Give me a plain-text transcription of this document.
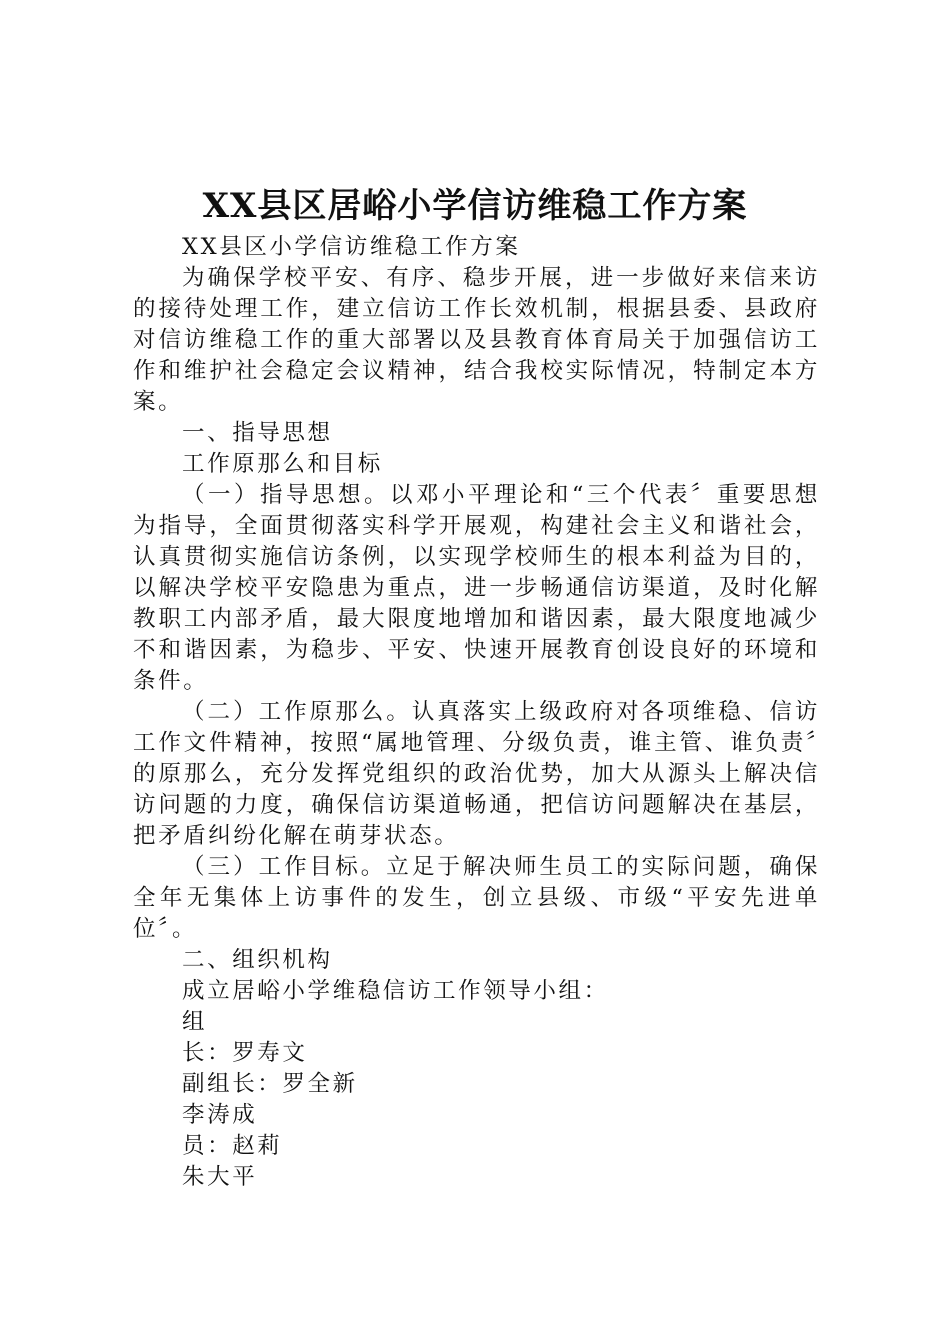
XX县区居峪小学信访维稳工作方案

XX县区小学信访维稳工作方案

为确保学校平安、有序、稳步开展，进一步做好来信来访的接待处理工作，建立信访工作长效机制，根据县委、县政府对信访维稳工作的重大部署以及县教育体育局关于加强信访工作和维护社会稳定会议精神，结合我校实际情况，特制定本方案。

一、指导思想

工作原那么和目标

（一）指导思想。以邓小平理论和“三个代表〞重要思想为指导，全面贯彻落实科学开展观，构建社会主义和谐社会，认真贯彻实施信访条例，以实现学校师生的根本利益为目的，以解决学校平安隐患为重点，进一步畅通信访渠道，及时化解教职工内部矛盾，最大限度地增加和谐因素，最大限度地减少不和谐因素，为稳步、平安、快速开展教育创设良好的环境和条件。

（二）工作原那么。认真落实上级政府对各项维稳、信访工作文件精神，按照“属地管理、分级负责，谁主管、谁负责〞的原那么，充分发挥党组织的政治优势，加大从源头上解决信访问题的力度，确保信访渠道畅通，把信访问题解决在基层，把矛盾纠纷化解在萌芽状态。

（三）工作目标。立足于解决师生员工的实际问题，确保全年无集体上访事件的发生，创立县级、市级“平安先进单位〞。

二、组织机构

成立居峪小学维稳信访工作领导小组：

组

长：罗寿文

副组长：罗全新

李涛成

员：赵莉

朱大平
